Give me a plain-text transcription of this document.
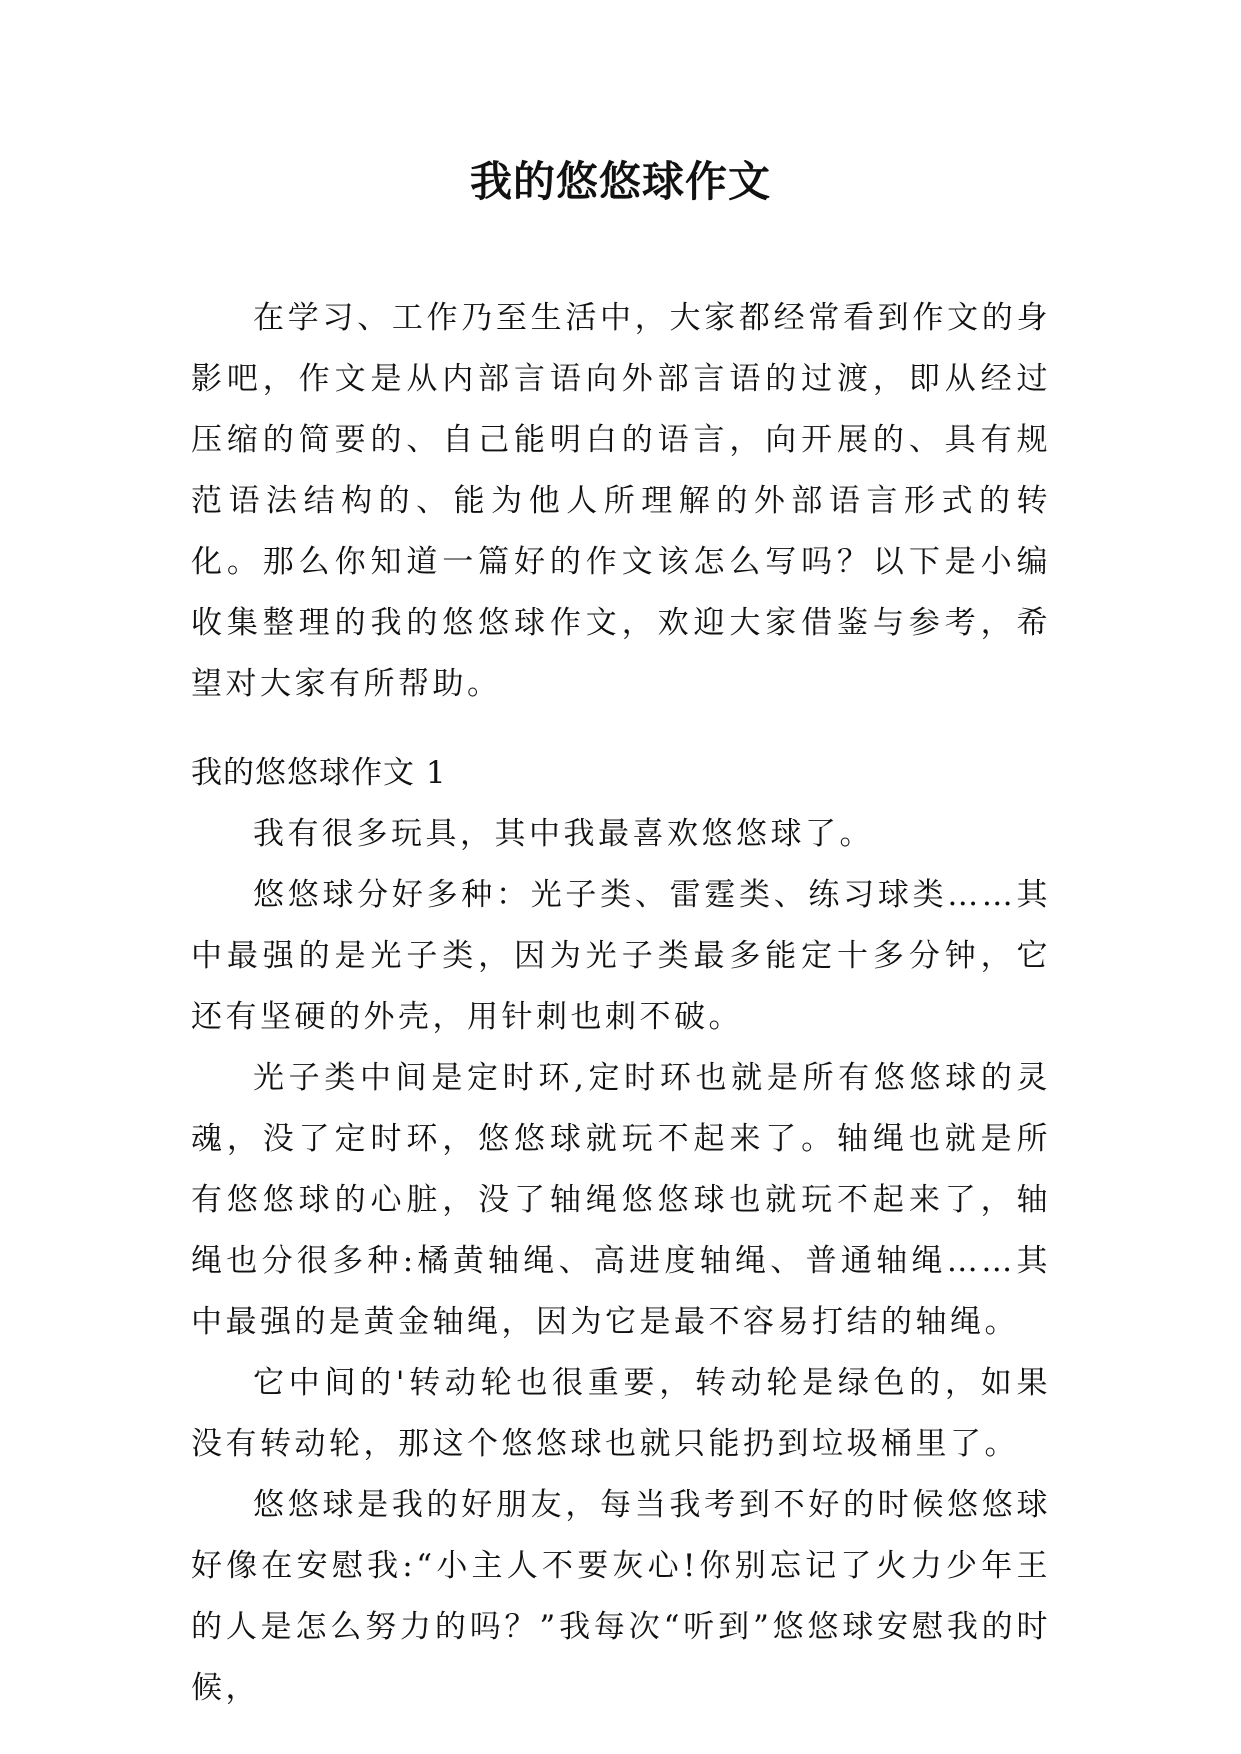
我的悠悠球作文

在学习、工作乃至生活中，大家都经常看到作文的身影吧，作文是从内部言语向外部言语的过渡，即从经过压缩的简要的、自己能明白的语言，向开展的、具有规范语法结构的、能为他人所理解的外部语言形式的转化。那么你知道一篇好的作文该怎么写吗？以下是小编收集整理的我的悠悠球作文，欢迎大家借鉴与参考，希望对大家有所帮助。

我的悠悠球作文 1

我有很多玩具，其中我最喜欢悠悠球了。

悠悠球分好多种：光子类、雷霆类、练习球类……其中最强的是光子类，因为光子类最多能定十多分钟，它还有坚硬的外壳，用针刺也刺不破。

光子类中间是定时环,定时环也就是所有悠悠球的灵魂，没了定时环，悠悠球就玩不起来了。轴绳也就是所有悠悠球的心脏，没了轴绳悠悠球也就玩不起来了，轴绳也分很多种:橘黄轴绳、高进度轴绳、普通轴绳……其中最强的是黄金轴绳，因为它是最不容易打结的轴绳。

它中间的'转动轮也很重要，转动轮是绿色的，如果没有转动轮，那这个悠悠球也就只能扔到垃圾桶里了。

悠悠球是我的好朋友，每当我考到不好的时候悠悠球好像在安慰我:“小主人不要灰心!你别忘记了火力少年王的人是怎么努力的吗？”我每次“听到”悠悠球安慰我的时候，
